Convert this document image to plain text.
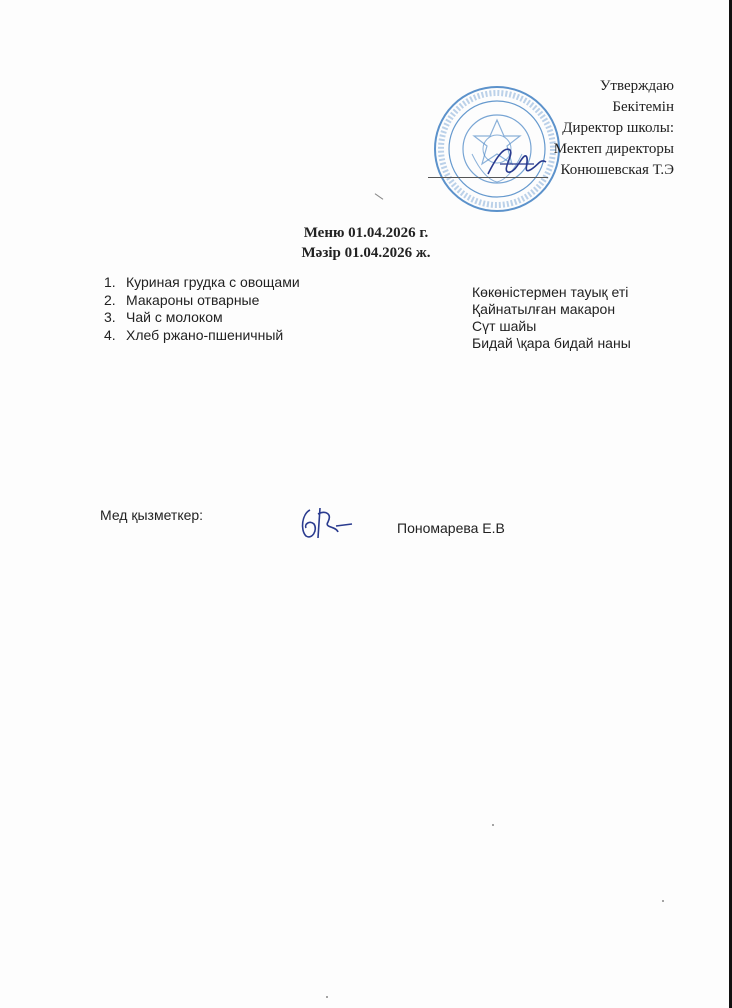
Утверждаю
Бекітемін
Директор школы:
Мектеп директоры
Конюшевская Т.Э
Меню 01.04.2026 г.
Мәзір 01.04.2026 ж.
1. Куриная грудка с овощами
2. Макароны отварные
3. Чай с молоком
4. Хлеб ржано-пшеничный
Көкөністермен тауық еті
Қайнатылған макарон
Сүт шайы
Бидай \қара бидай наны
Мед қызметкер:
Пономарева Е.В
